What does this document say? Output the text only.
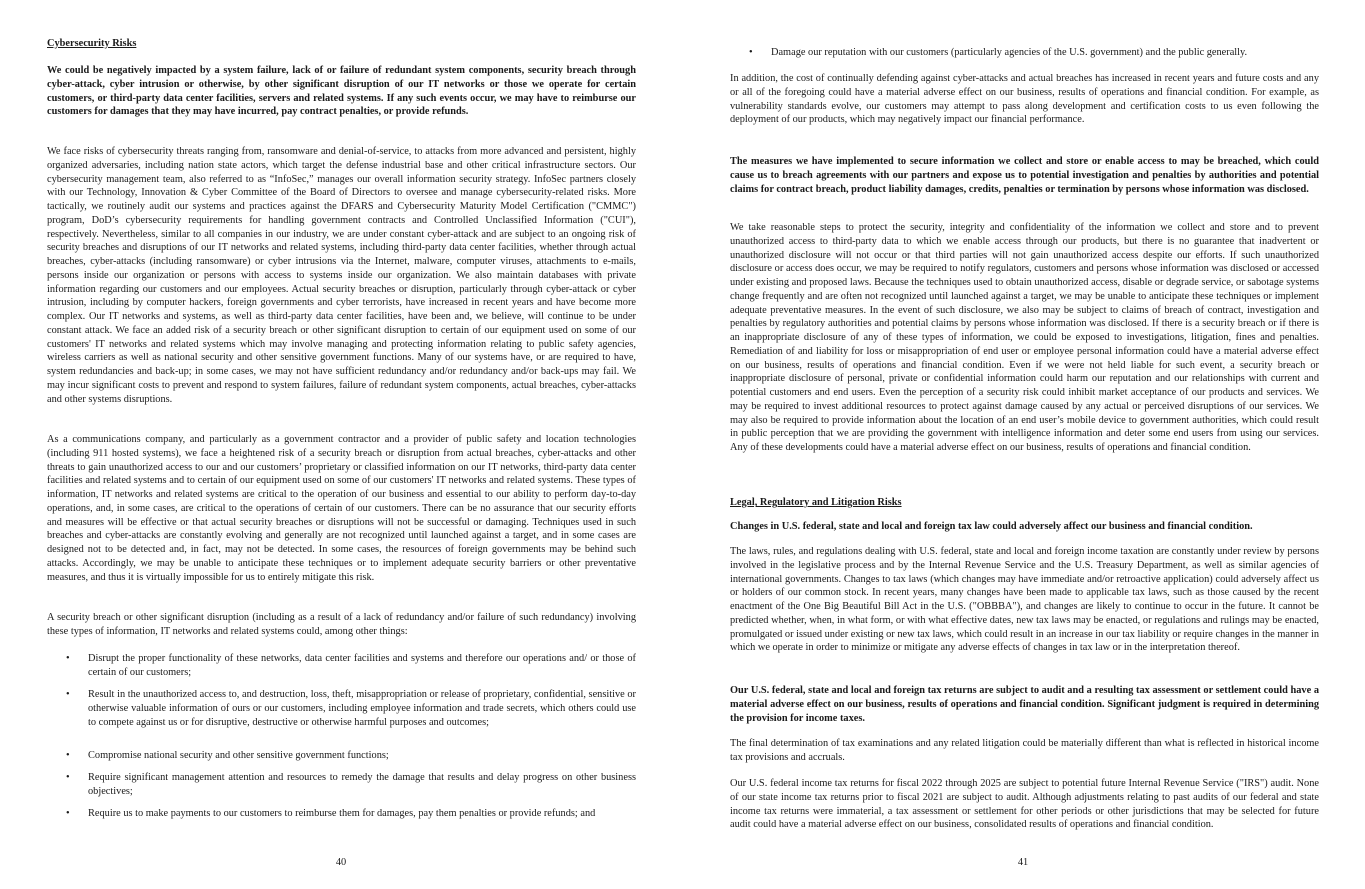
Cybersecurity Risks

We could be negatively impacted by a system failure, lack of or failure of redundant system components, security breach through cyber-attack, cyber intrusion or otherwise, by other significant disruption of our IT networks or those we operate for certain customers, or third-party data center facilities, servers and related systems. If any such events occur, we may have to reimburse our customers for damages that they may have incurred, pay contract penalties, or provide refunds.

We face risks of cybersecurity threats ranging from, ransomware and denial-of-service, to attacks from more advanced and persistent, highly organized adversaries, including nation state actors, which target the defense industrial base and other critical infrastructure sectors. Our cybersecurity management team, also referred to as “InfoSec,” manages our overall information security strategy. InfoSec partners closely with our Technology, Innovation & Cyber Committee of the Board of Directors to oversee and manage cybersecurity-related risks. More tactically, we routinely audit our systems and practices against the DFARS and Cybersecurity Maturity Model Certification ("CMMC") program, DoD’s cybersecurity requirements for handling government contracts and Controlled Unclassified Information ("CUI"), respectively. Nevertheless, similar to all companies in our industry, we are under constant cyber-attack and are subject to an ongoing risk of security breaches and disruptions of our IT networks and related systems, including third-party data center facilities, whether through actual breaches, cyber-attacks (including ransomware) or cyber intrusions via the Internet, malware, computer viruses, attachments to e-mails, persons inside our organization or persons with access to systems inside our organization. We also maintain databases with private information regarding our customers and our employees. Actual security breaches or disruption, particularly through cyber-attack or cyber intrusion, including by computer hackers, foreign governments and cyber terrorists, have increased in recent years and have become more complex. Our IT networks and systems, as well as third-party data center facilities, have been and, we believe, will continue to be under constant attack. We face an added risk of a security breach or other significant disruption to certain of our equipment used on some of our customers' IT networks and related systems which may involve managing and protecting information relating to public safety agencies, wireless carriers as well as national security and other sensitive government functions. Many of our systems have, or are required to have, system redundancies and back-up; in some cases, we may not have sufficient redundancy and/or redundancy and/or back-ups may fail. We may incur significant costs to prevent and respond to system failures, failure of redundant system components, actual breaches, cyber-attacks and other systems disruptions.

As a communications company, and particularly as a government contractor and a provider of public safety and location technologies (including 911 hosted systems), we face a heightened risk of a security breach or disruption from actual breaches, cyber-attacks and other threats to gain unauthorized access to our and our customers’ proprietary or classified information on our IT networks, third-party data center facilities and related systems and to certain of our equipment used on some of our customers' IT networks and related systems. These types of information, IT networks and related systems are critical to the operation of our business and essential to our ability to perform day-to-day operations, and, in some cases, are critical to the operations of certain of our customers. There can be no assurance that our security efforts and measures will be effective or that actual security breaches or disruptions will not be successful or damaging. Techniques used in such breaches and cyber-attacks are constantly evolving and generally are not recognized until launched against a target, and in some cases are designed not to be detected and, in fact, may not be detected. In some cases, the resources of foreign governments may be behind such attacks. Accordingly, we may be unable to anticipate these techniques or to implement adequate security barriers or other preventative measures, and thus it is virtually impossible for us to entirely mitigate this risk.

A security breach or other significant disruption (including as a result of a lack of redundancy and/or failure of such redundancy) involving these types of information, IT networks and related systems could, among other things:

• Disrupt the proper functionality of these networks, data center facilities and systems and therefore our operations and/ or those of certain of our customers;

• Result in the unauthorized access to, and destruction, loss, theft, misappropriation or release of proprietary, confidential, sensitive or otherwise valuable information of ours or our customers, including employee information and trade secrets, which others could use to compete against us or for disruptive, destructive or otherwise harmful purposes and outcomes;

• Compromise national security and other sensitive government functions;

• Require significant management attention and resources to remedy the damage that results and delay progress on other business objectives;

• Require us to make payments to our customers to reimburse them for damages, pay them penalties or provide refunds; and

40
• Damage our reputation with our customers (particularly agencies of the U.S. government) and the public generally.

In addition, the cost of continually defending against cyber-attacks and actual breaches has increased in recent years and future costs and any or all of the foregoing could have a material adverse effect on our business, results of operations and financial condition. For example, as vulnerability standards evolve, our customers may attempt to pass along development and certification costs to us even following the deployment of our products, which may negatively impact our financial performance.

The measures we have implemented to secure information we collect and store or enable access to may be breached, which could cause us to breach agreements with our partners and expose us to potential investigation and penalties by authorities and potential claims for contract breach, product liability damages, credits, penalties or termination by persons whose information was disclosed.

We take reasonable steps to protect the security, integrity and confidentiality of the information we collect and store and to prevent unauthorized access to third-party data to which we enable access through our products, but there is no guarantee that inadvertent or unauthorized disclosure will not occur or that third parties will not gain unauthorized access despite our efforts. If such unauthorized disclosure or access does occur, we may be required to notify regulators, customers and persons whose information was disclosed or accessed under existing and proposed laws. Because the techniques used to obtain unauthorized access, disable or degrade service, or sabotage systems change frequently and are often not recognized until launched against a target, we may be unable to anticipate these techniques or implement adequate preventative measures. In the event of such disclosure, we also may be subject to claims of breach of contract, investigation and penalties by regulatory authorities and potential claims by persons whose information was disclosed. If there is a security breach or if there is an inappropriate disclosure of any of these types of information, we could be exposed to investigations, litigation, fines and penalties. Remediation of and liability for loss or misappropriation of end user or employee personal information could have a material adverse effect on our business, results of operations and financial condition. Even if we were not held liable for such event, a security breach or inappropriate disclosure of personal, private or confidential information could harm our reputation and our relationships with current and potential customers and end users. Even the perception of a security risk could inhibit market acceptance of our products and services. We may be required to invest additional resources to protect against damage caused by any actual or perceived disruptions of our services. We may also be required to provide information about the location of an end user’s mobile device to government authorities, which could result in public perception that we are providing the government with intelligence information and deter some end users from using our services. Any of these developments could have a material adverse effect on our business, results of operations and financial condition.

Legal, Regulatory and Litigation Risks

Changes in U.S. federal, state and local and foreign tax law could adversely affect our business and financial condition.

The laws, rules, and regulations dealing with U.S. federal, state and local and foreign income taxation are constantly under review by persons involved in the legislative process and by the Internal Revenue Service and the U.S. Treasury Department, as well as similar agencies of international governments. Changes to tax laws (which changes may have immediate and/or retroactive application) could adversely affect us or holders of our common stock. In recent years, many changes have been made to applicable tax laws, such as those caused by the recent enactment of the One Big Beautiful Bill Act in the U.S. ("OBBBA"), and changes are likely to continue to occur in the future. It cannot be predicted whether, when, in what form, or with what effective dates, new tax laws may be enacted, or regulations and rulings may be enacted, promulgated or issued under existing or new tax laws, which could result in an increase in our tax liability or require changes in the manner in which we operate in order to minimize or mitigate any adverse effects of changes in tax law or in the interpretation thereof.

Our U.S. federal, state and local and foreign tax returns are subject to audit and a resulting tax assessment or settlement could have a material adverse effect on our business, results of operations and financial condition. Significant judgment is required in determining the provision for income taxes.

The final determination of tax examinations and any related litigation could be materially different than what is reflected in historical income tax provisions and accruals.

Our U.S. federal income tax returns for fiscal 2022 through 2025 are subject to potential future Internal Revenue Service ("IRS") audit. None of our state income tax returns prior to fiscal 2021 are subject to audit. Although adjustments relating to past audits of our federal and state income tax returns were immaterial, a tax assessment or settlement for other periods or other jurisdictions that may be selected for future audit could have a material adverse effect on our business, consolidated results of operations and financial condition.

41
